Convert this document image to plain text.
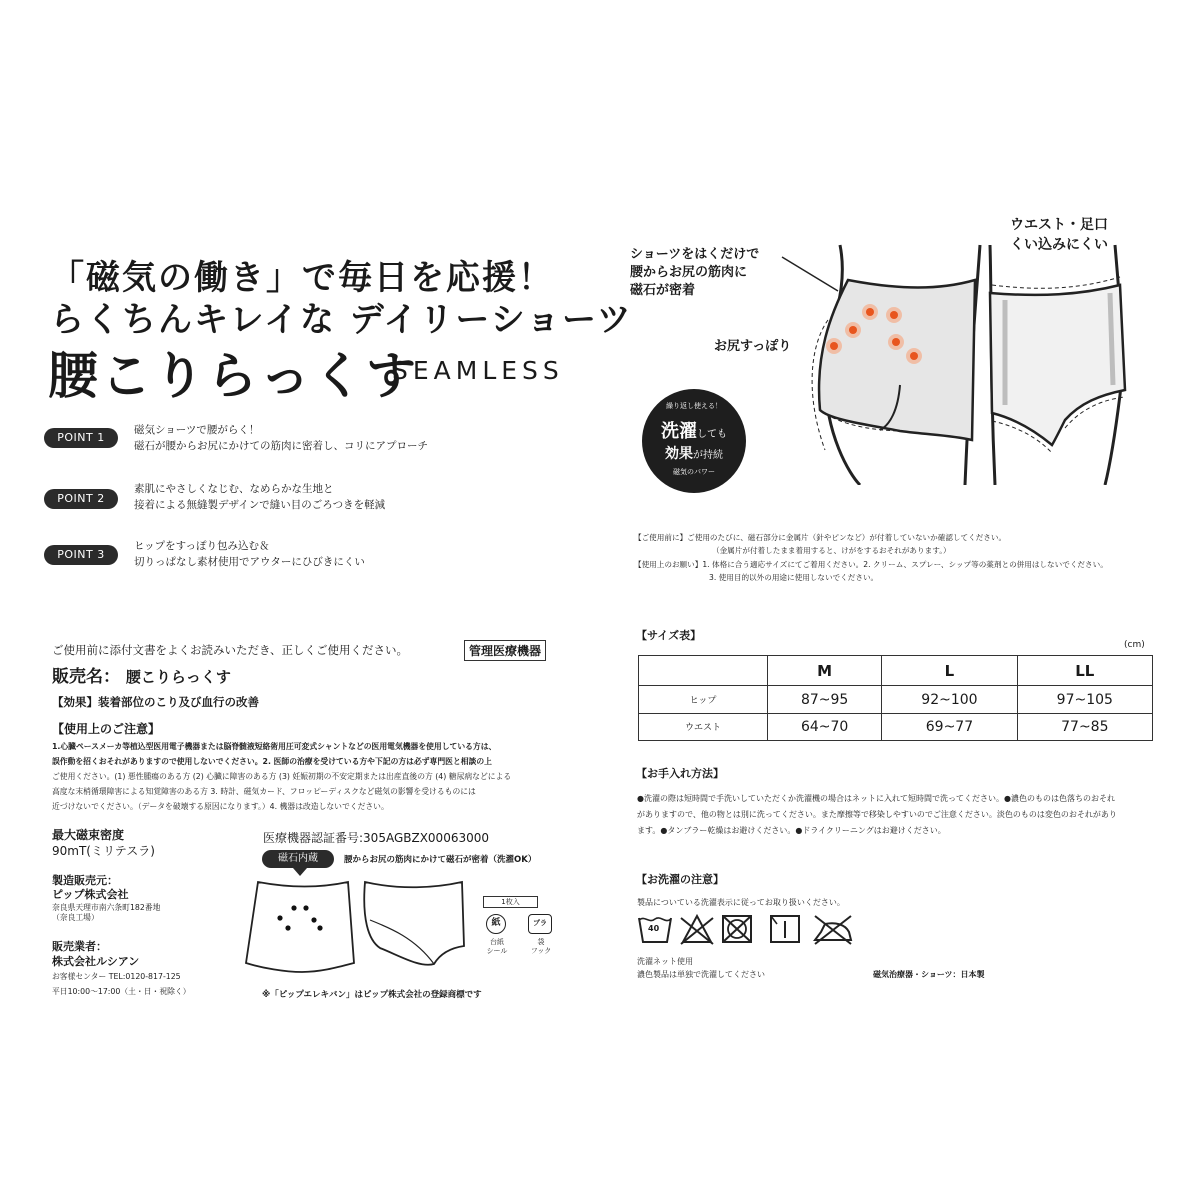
「磁気の働き」で毎日を応援！
らくちんキレイな デイリーショーツ
腰こりらっくす
SEAMLESS
POINT 1
磁気ショーツで腰がらく！
磁石が腰からお尻にかけての筋肉に密着し、コリにアプローチ
POINT 2
素肌にやさしくなじむ、なめらかな生地と
接着による無縫製デザインで縫い目のごろつきを軽減
POINT 3
ヒップをすっぽり包み込む＆
切りっぱなし素材使用でアウターにひびきにくい
ショーツをはくだけで
腰からお尻の筋肉に
磁石が密着
ウエスト・足口
くい込みにくい
お尻すっぽり
繰り返し使える！
洗濯しても
効果が持続
磁気のパワー
【ご使用前に】ご使用のたびに、磁石部分に金属片（針やピンなど）が付着していないか確認してください。
（金属片が付着したまま着用すると、けがをするおそれがあります。）
【使用上のお願い】1. 体格に合う適応サイズにてご着用ください。2. クリーム、スプレー、シップ等の薬剤との併用はしないでください。
3. 使用目的以外の用途に使用しないでください。
ご使用前に添付文書をよくお読みいただき、正しくご使用ください。	管理医療機器
販売名： 腰こりらっくす
【効果】装着部位のこり及び血行の改善
【使用上のご注意】
1.心臓ペースメーカ等植込型医用電子機器または脳脊髄液短絡術用圧可変式シャントなどの医用電気機器を使用している方は、
誤作動を招くおそれがありますので使用しないでください。2. 医師の治療を受けている方や下記の方は必ず専門医と相談の上
ご使用ください。(1) 悪性腫瘍のある方 (2) 心臓に障害のある方 (3) 妊娠初期の不安定期または出産直後の方 (4) 糖尿病などによる
高度な末梢循環障害による知覚障害のある方 3. 時計、磁気カード、フロッピーディスクなど磁気の影響を受けるものには
近づけないでください。（データを破壊する原因になります。）4. 機器は改造しないでください。
最大磁束密度
90mT(ミリテスラ)
医療機器認証番号:305AGBZX00063000
磁石内蔵	腰からお尻の筋肉にかけて磁石が密着（洗濯OK）
1枚入
紙
台紙
シール
プラ
袋
フック
製造販売元：
ピップ株式会社
奈良県天理市南六条町182番地
（奈良工場）
販売業者：
株式会社ルシアン
お客様センター TEL:0120-817-125
平日10:00～17:00（土・日・祝除く）	※「ピップエレキバン」はピップ株式会社の登録商標です
【サイズ表】
(cm)
	M	L	LL
ヒップ	87~95	92~100	97~105
ウエスト	64~70	69~77	77~85
【お手入れ方法】
●洗濯の際は短時間で手洗いしていただくか洗濯機の場合はネットに入れて短時間で洗ってください。●濃色のものは色落ちのおそれ
がありますので、他の物とは別に洗ってください。また摩擦等で移染しやすいのでご注意ください。淡色のものは変色のおそれがあり
ます。●タンブラー乾燥はお避けください。●ドライクリーニングはお避けください。
【お洗濯の注意】
製品についている洗濯表示に従ってお取り扱いください。
40
洗濯ネット使用
濃色製品は単独で洗濯してください	磁気治療器・ショーツ：日本製
